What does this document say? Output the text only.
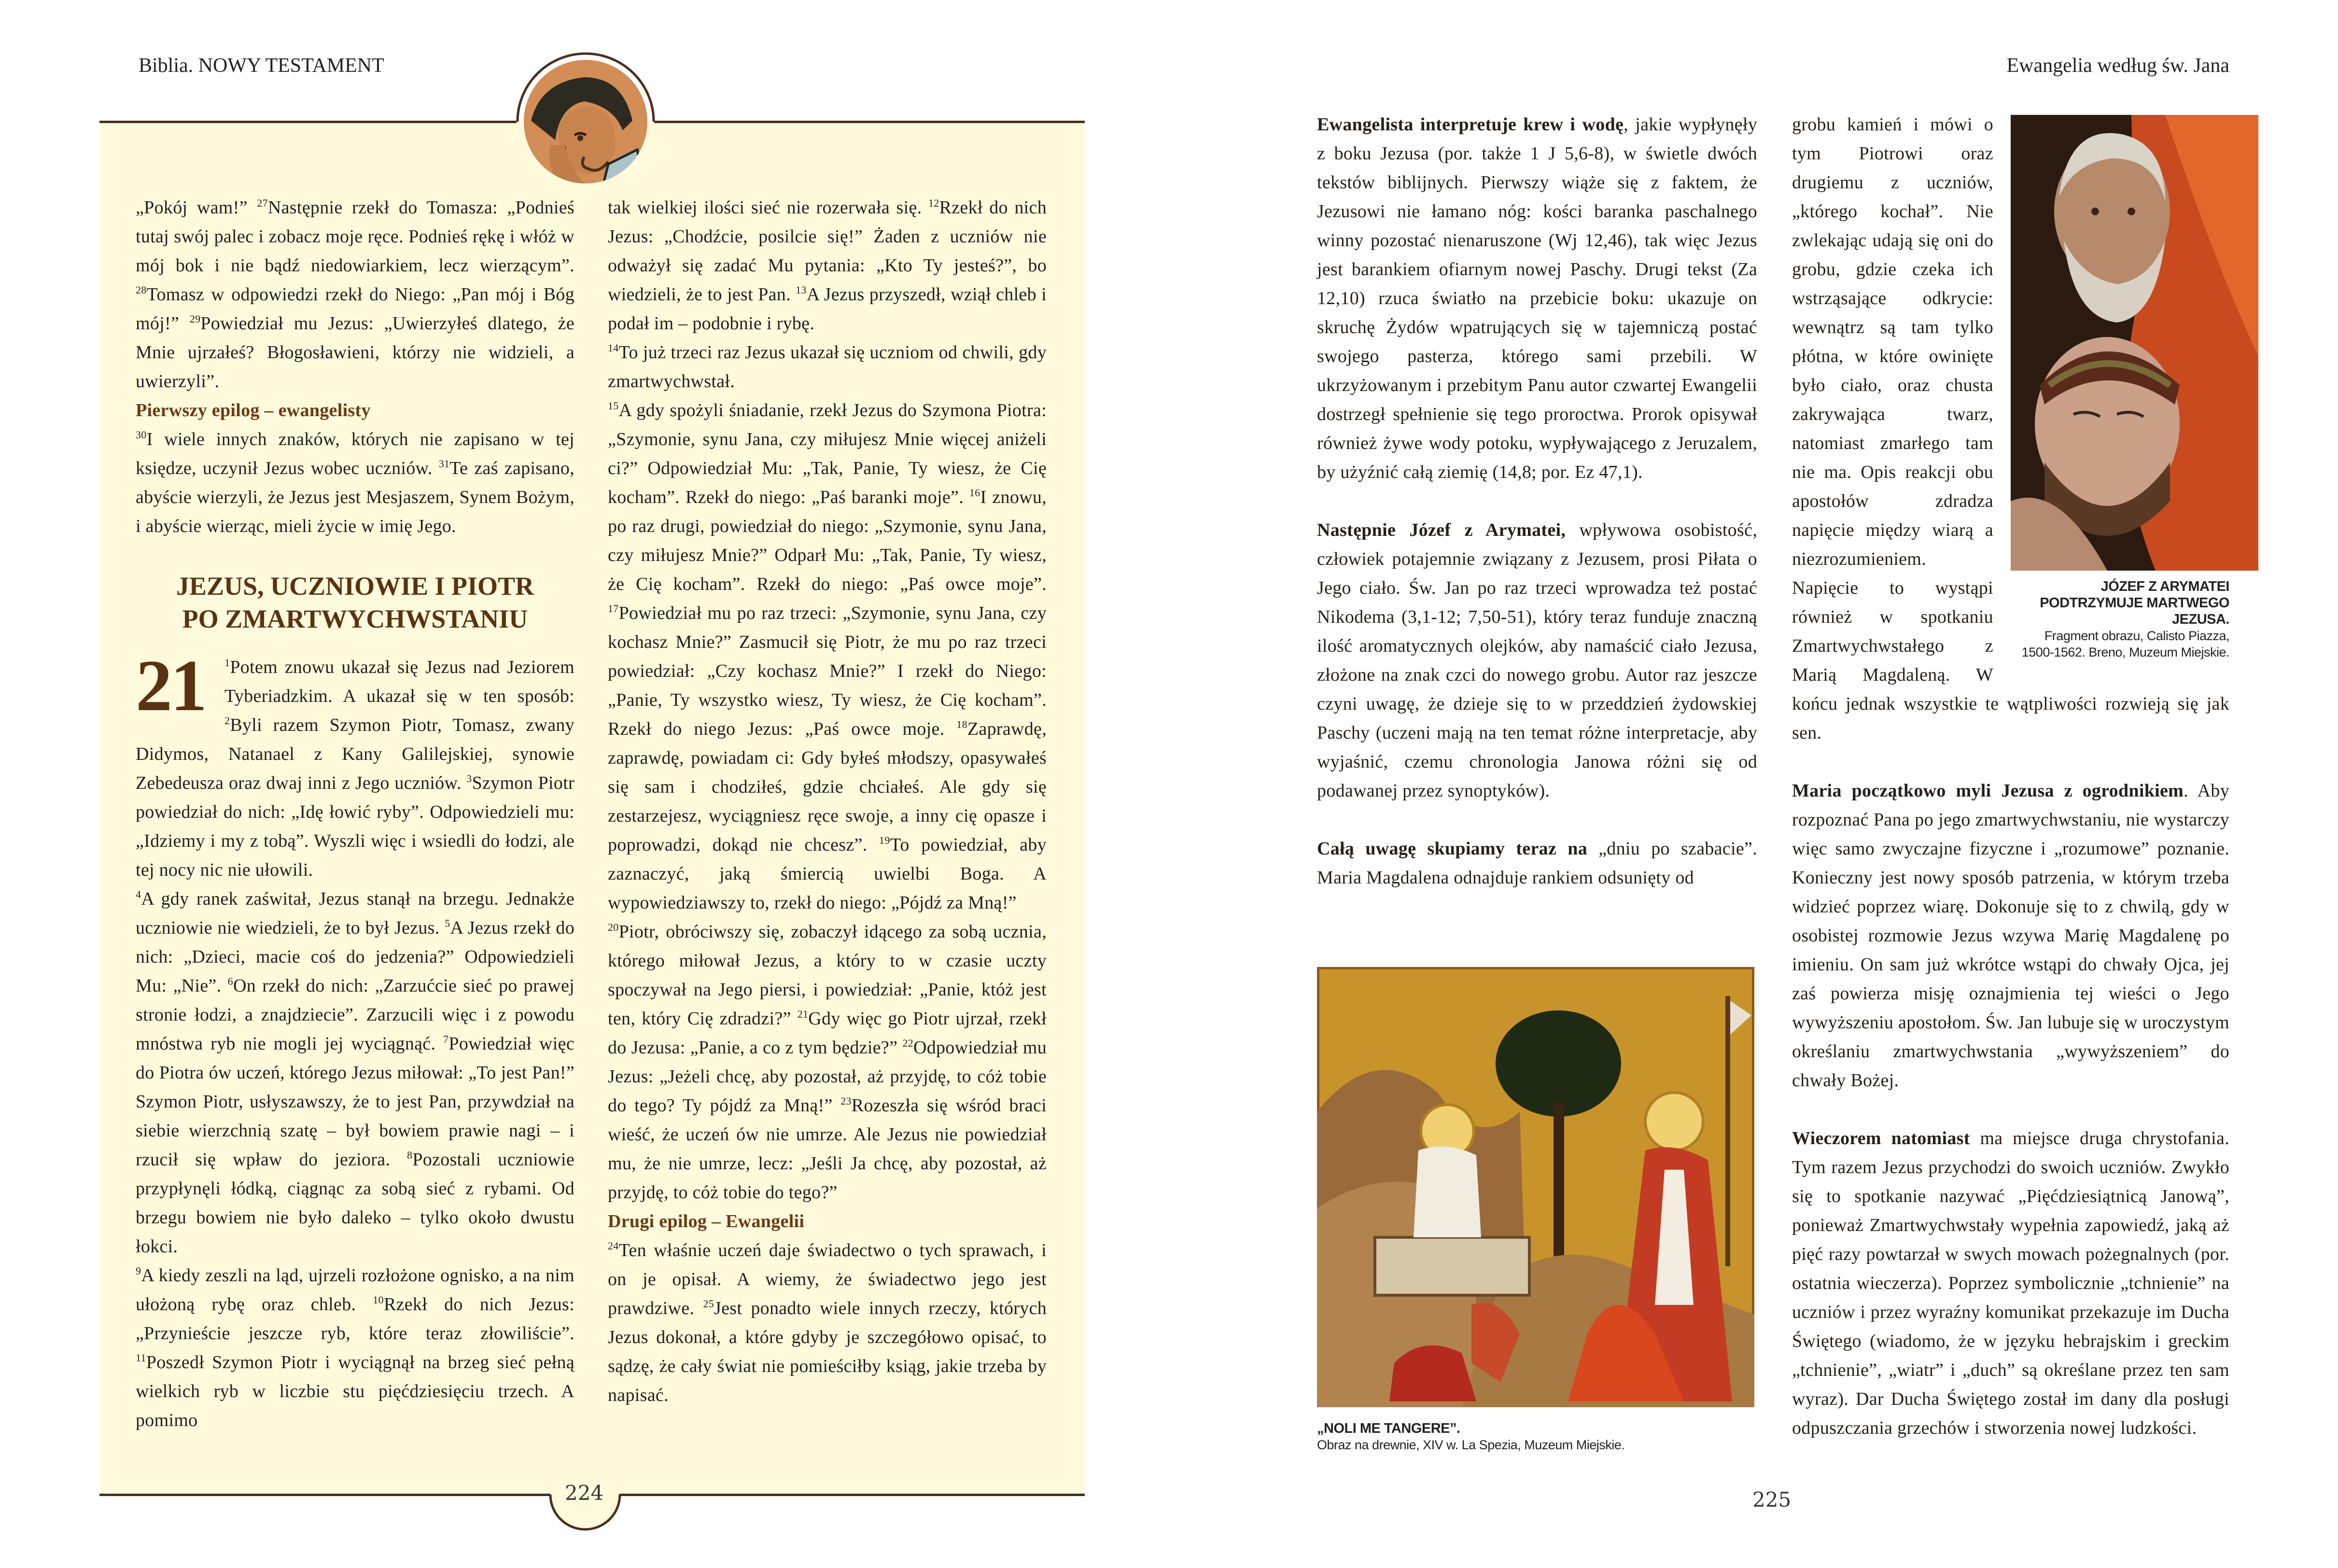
Biblia. NOWY TESTAMENT	Ewangelia według św. Jana
224	225

„Pokój wam!” $^{27}$Następnie rzekł do Tomasza: „Podnieś tutaj swój palec i zobacz moje ręce. Podnieś rękę i włóż w mój bok i nie bądź niedowiarkiem, lecz wierzącym”. $^{28}$Tomasz w odpowiedzi rzekł do Niego: „Pan mój i Bóg mój!” $^{29}$Powiedział mu Jezus: „Uwierzyłeś dlatego, że Mnie ujrzałeś? Błogosławieni, którzy nie widzieli, a uwierzyli”.

Pierwszy epilog – ewangelisty

$^{30}$I wiele innych znaków, których nie zapisano w tej księdze, uczynił Jezus wobec uczniów. $^{31}$Te zaś zapisano, abyście wierzyli, że Jezus jest Mesjaszem, Synem Bożym, i abyście wierząc, mieli życie w imię Jego.

JEZUS, UCZNIOWIE I PIOTR
PO ZMARTWYCHWSTANIU

21 $^1$Potem znowu ukazał się Jezus nad Jeziorem Tyberiadzkim. A ukazał się w ten sposób: $^2$Byli razem Szymon Piotr, Tomasz, zwany Didymos, Natanael z Kany Galilejskiej, synowie Zebedeusza oraz dwaj inni z Jego uczniów. $^3$Szymon Piotr powiedział do nich: „Idę łowić ryby”. Odpowiedzieli mu: „Idziemy i my z tobą”. Wyszli więc i wsiedli do łodzi, ale tej nocy nic nie ułowili.

$^4$A gdy ranek zaświtał, Jezus stanął na brzegu. Jednakże uczniowie nie wiedzieli, że to był Jezus. $^5$A Jezus rzekł do nich: „Dzieci, macie coś do jedzenia?” Odpowiedzieli Mu: „Nie”. $^6$On rzekł do nich: „Zarzućcie sieć po prawej stronie łodzi, a znajdziecie”. Zarzucili więc i z powodu mnóstwa ryb nie mogli jej wyciągnąć. $^7$Powiedział więc do Piotra ów uczeń, którego Jezus miłował: „To jest Pan!” Szymon Piotr, usłyszawszy, że to jest Pan, przywdział na siebie wierzchnią szatę – był bowiem prawie nagi – i rzucił się wpław do jeziora. $^8$Pozostali uczniowie przypłynęli łódką, ciągnąc za sobą sieć z rybami. Od brzegu bowiem nie było daleko – tylko około dwustu łokci.

$^9$A kiedy zeszli na ląd, ujrzeli rozłożone ognisko, a na nim ułożoną rybę oraz chleb. $^{10}$Rzekł do nich Jezus: „Przynieście jeszcze ryb, które teraz złowiliście”. $^{11}$Poszedł Szymon Piotr i wyciągnął na brzeg sieć pełną wielkich ryb w liczbie stu pięćdziesięciu trzech. A pomimo

tak wielkiej ilości sieć nie rozerwała się. $^{12}$Rzekł do nich Jezus: „Chodźcie, posilcie się!” Żaden z uczniów nie odważył się zadać Mu pytania: „Kto Ty jesteś?”, bo wiedzieli, że to jest Pan. $^{13}$A Jezus przyszedł, wziął chleb i podał im – podobnie i rybę.

$^{14}$To już trzeci raz Jezus ukazał się uczniom od chwili, gdy zmartwychwstał.

$^{15}$A gdy spożyli śniadanie, rzekł Jezus do Szymona Piotra: „Szymonie, synu Jana, czy miłujesz Mnie więcej aniżeli ci?” Odpowiedział Mu: „Tak, Panie, Ty wiesz, że Cię kocham”. Rzekł do niego: „Paś baranki moje”. $^{16}$I znowu, po raz drugi, powiedział do niego: „Szymonie, synu Jana, czy miłujesz Mnie?” Odparł Mu: „Tak, Panie, Ty wiesz, że Cię kocham”. Rzekł do niego: „Paś owce moje”. $^{17}$Powiedział mu po raz trzeci: „Szymonie, synu Jana, czy kochasz Mnie?” Zasmucił się Piotr, że mu po raz trzeci powiedział: „Czy kochasz Mnie?” I rzekł do Niego: „Panie, Ty wszystko wiesz, Ty wiesz, że Cię kocham”. Rzekł do niego Jezus: „Paś owce moje. $^{18}$Zaprawdę, zaprawdę, powiadam ci: Gdy byłeś młodszy, opasywałeś się sam i chodziłeś, gdzie chciałeś. Ale gdy się zestarzejesz, wyciągniesz ręce swoje, a inny cię opasze i poprowadzi, dokąd nie chcesz”. $^{19}$To powiedział, aby zaznaczyć, jaką śmiercią uwielbi Boga. A wypowiedziawszy to, rzekł do niego: „Pójdź za Mną!”

$^{20}$Piotr, obróciwszy się, zobaczył idącego za sobą ucznia, którego miłował Jezus, a który to w czasie uczty spoczywał na Jego piersi, i powiedział: „Panie, któż jest ten, który Cię zdradzi?” $^{21}$Gdy więc go Piotr ujrzał, rzekł do Jezusa: „Panie, a co z tym będzie?” $^{22}$Odpowiedział mu Jezus: „Jeżeli chcę, aby pozostał, aż przyjdę, to cóż tobie do tego? Ty pójdź za Mną!” $^{23}$Rozeszła się wśród braci wieść, że uczeń ów nie umrze. Ale Jezus nie powiedział mu, że nie umrze, lecz: „Jeśli Ja chcę, aby pozostał, aż przyjdę, to cóż tobie do tego?”

Drugi epilog – Ewangelii

$^{24}$Ten właśnie uczeń daje świadectwo o tych sprawach, i on je opisał. A wiemy, że świadectwo jego jest prawdziwe. $^{25}$Jest ponadto wiele innych rzeczy, których Jezus dokonał, a które gdyby je szczegółowo opisać, to sądzę, że cały świat nie pomieściłby ksiąg, jakie trzeba by napisać.

Ewangelista interpretuje krew i wodę, jakie wypłynęły z boku Jezusa (por. także 1 J 5,6-8), w świetle dwóch tekstów biblijnych. Pierwszy wiąże się z faktem, że Jezusowi nie łamano nóg: kości baranka paschalnego winny pozostać nienaruszone (Wj 12,46), tak więc Jezus jest barankiem ofiarnym nowej Paschy. Drugi tekst (Za 12,10) rzuca światło na przebicie boku: ukazuje on skruchę Żydów wpatrujących się w tajemniczą postać swojego pasterza, którego sami przebili. W ukrzyżowanym i przebitym Panu autor czwartej Ewangelii dostrzegł spełnienie się tego proroctwa. Prorok opisywał również żywe wody potoku, wypływającego z Jeruzalem, by użyźnić całą ziemię (14,8; por. Ez 47,1).

Następnie Józef z Arymatei, wpływowa osobistość, człowiek potajemnie związany z Jezusem, prosi Piłata o Jego ciało. Św. Jan po raz trzeci wprowadza też postać Nikodema (3,1-12; 7,50-51), który teraz funduje znaczną ilość aromatycznych olejków, aby namaścić ciało Jezusa, złożone na znak czci do nowego grobu. Autor raz jeszcze czyni uwagę, że dzieje się to w przeddzień żydowskiej Paschy (uczeni mają na ten temat różne interpretacje, aby wyjaśnić, czemu chronologia Janowa różni się od podawanej przez synoptyków).

Całą uwagę skupiamy teraz na „dniu po szabacie”. Maria Magdalena odnajduje rankiem odsunięty od

„NOLI ME TANGERE”.
Obraz na drewnie, XIV w. La Spezia, Muzeum Miejskie.
JÓZEF Z ARYMATEI PODTRZYMUJE MARTWEGO JEZUSA.
Fragment obrazu, Calisto Piazza, 1500-1562. Breno, Muzeum Miejskie.

grobu kamień i mówi o tym Piotrowi oraz drugiemu z uczniów, „którego kochał”. Nie zwlekając udają się oni do grobu, gdzie czeka ich wstrząsające odkrycie: wewnątrz są tam tylko płótna, w które owinięte było ciało, oraz chusta zakrywająca twarz, natomiast zmarłego tam nie ma. Opis reakcji obu apostołów zdradza napięcie między wiarą a niezrozumieniem. Napięcie to wystąpi również w spotkaniu Zmartwychwstałego z Marią Magdaleną. W końcu jednak wszystkie te wątpliwości rozwieją się jak sen.

Maria początkowo myli Jezusa z ogrodnikiem. Aby rozpoznać Pana po jego zmartwychwstaniu, nie wystarczy więc samo zwyczajne fizyczne i „rozumowe” poznanie. Konieczny jest nowy sposób patrzenia, w którym trzeba widzieć poprzez wiarę. Dokonuje się to z chwilą, gdy w osobistej rozmowie Jezus wzywa Marię Magdalenę po imieniu. On sam już wkrótce wstąpi do chwały Ojca, jej zaś powierza misję oznajmienia tej wieści o Jego wywyższeniu apostołom. Św. Jan lubuje się w uroczystym określaniu zmartwychwstania „wywyższeniem” do chwały Bożej.

Wieczorem natomiast ma miejsce druga chrystofania. Tym razem Jezus przychodzi do swoich uczniów. Zwykło się to spotkanie nazywać „Pięćdziesiątnicą Janową”, ponieważ Zmartwychwstały wypełnia zapowiedź, jaką aż pięć razy powtarzał w swych mowach pożegnalnych (por. ostatnia wieczerza). Poprzez symbolicznie „tchnienie” na uczniów i przez wyraźny komunikat przekazuje im Ducha Świętego (wiadomo, że w języku hebrajskim i greckim „tchnienie”, „wiatr” i „duch” są określane przez ten sam wyraz). Dar Ducha Świętego został im dany dla posługi odpuszczania grzechów i stworzenia nowej ludzkości.
